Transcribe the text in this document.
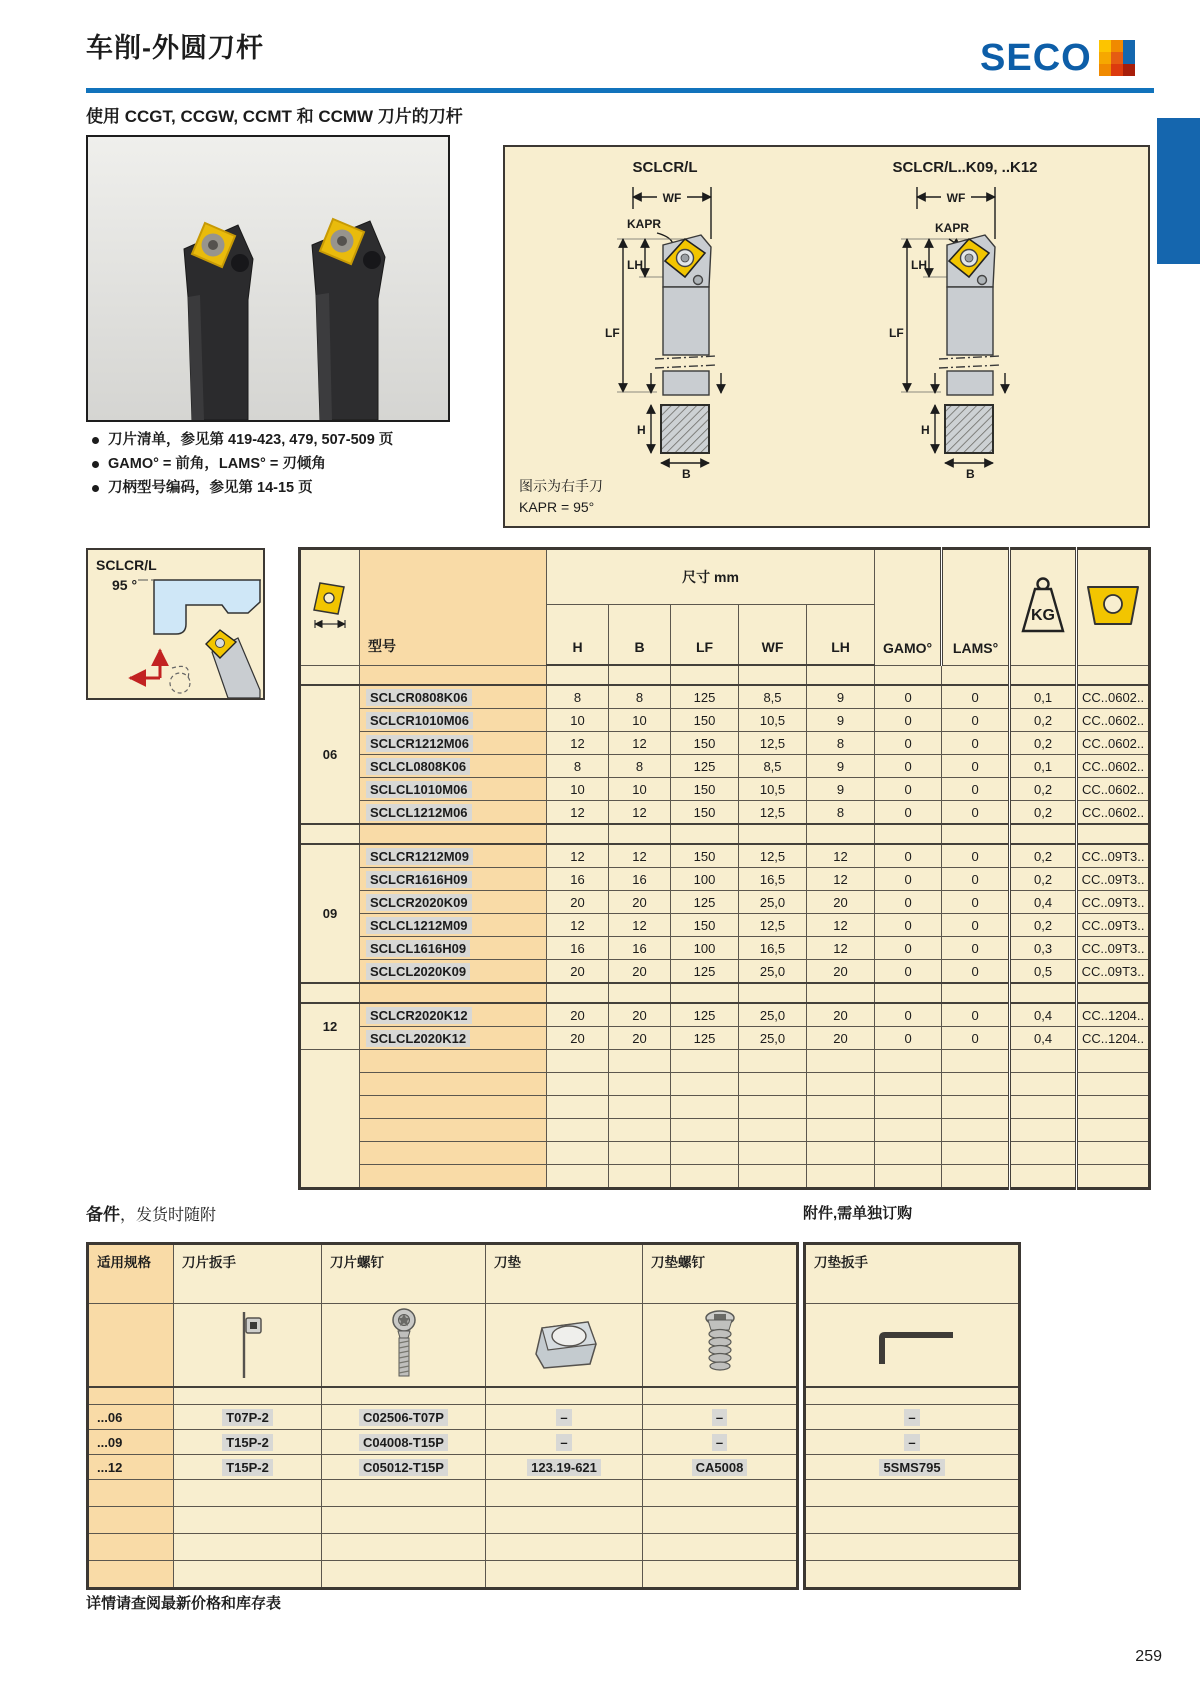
车削-外圆刀杆	SECO
使用 CCGT, CCGW, CCMT 和 CCMW 刀片的刀杆
刀片清单，参见第 419-423, 479, 507-509 页
GAMO° = 前角，LAMS° = 刃倾角
刀柄型号编码，参见第 14-15 页
SCLCR/L
WF
KAPR
LH
LF
H
B
SCLCR/L..K09, ..K12
WF
LH
KAPR
LF
H
B
图示为右手刀
KAPR = 95°
SCLCR/L
95 °
	型号	尺寸 mm					GAMO°	LAMS°	KG

		H	B	LF	WF	LH				

06	SCLCR0808K06	8	8	125	8,5	9	0	0	0,1	CC..0602..
	SCLCR1010M06	10	10	150	10,5	9	0	0	0,2	CC..0602..
	SCLCR1212M06	12	12	150	12,5	8	0	0	0,2	CC..0602..
	SCLCL0808K06	8	8	125	8,5	9	0	0	0,1	CC..0602..
	SCLCL1010M06	10	10	150	10,5	9	0	0	0,2	CC..0602..
	SCLCL1212M06	12	12	150	12,5	8	0	0	0,2	CC..0602..

09	SCLCR1212M09	12	12	150	12,5	12	0	0	0,2	CC..09T3..
	SCLCR1616H09	16	16	100	16,5	12	0	0	0,2	CC..09T3..
	SCLCR2020K09	20	20	125	25,0	20	0	0	0,4	CC..09T3..
	SCLCL1212M09	12	12	150	12,5	12	0	0	0,2	CC..09T3..
	SCLCL1616H09	16	16	100	16,5	12	0	0	0,3	CC..09T3..
	SCLCL2020K09	20	20	125	25,0	20	0	0	0,5	CC..09T3..

12	SCLCR2020K12	20	20	125	25,0	20	0	0	0,4	CC..1204..
	SCLCL2020K12	20	20	125	25,0	20	0	0	0,4	CC..1204..

备件，发货时随附	附件,需单独订购
适用规格	刀片扳手	刀片螺钉	刀垫	刀垫螺钉

...06	T07P-2	C02506-T07P	–	–
...09	T15P-2	C04008-T15P	–	–
...12	T15P-2	C05012-T15P	123.19-621	CA5008

刀垫扳手

–
–
5SMS795

详情请查阅最新价格和库存表
259
